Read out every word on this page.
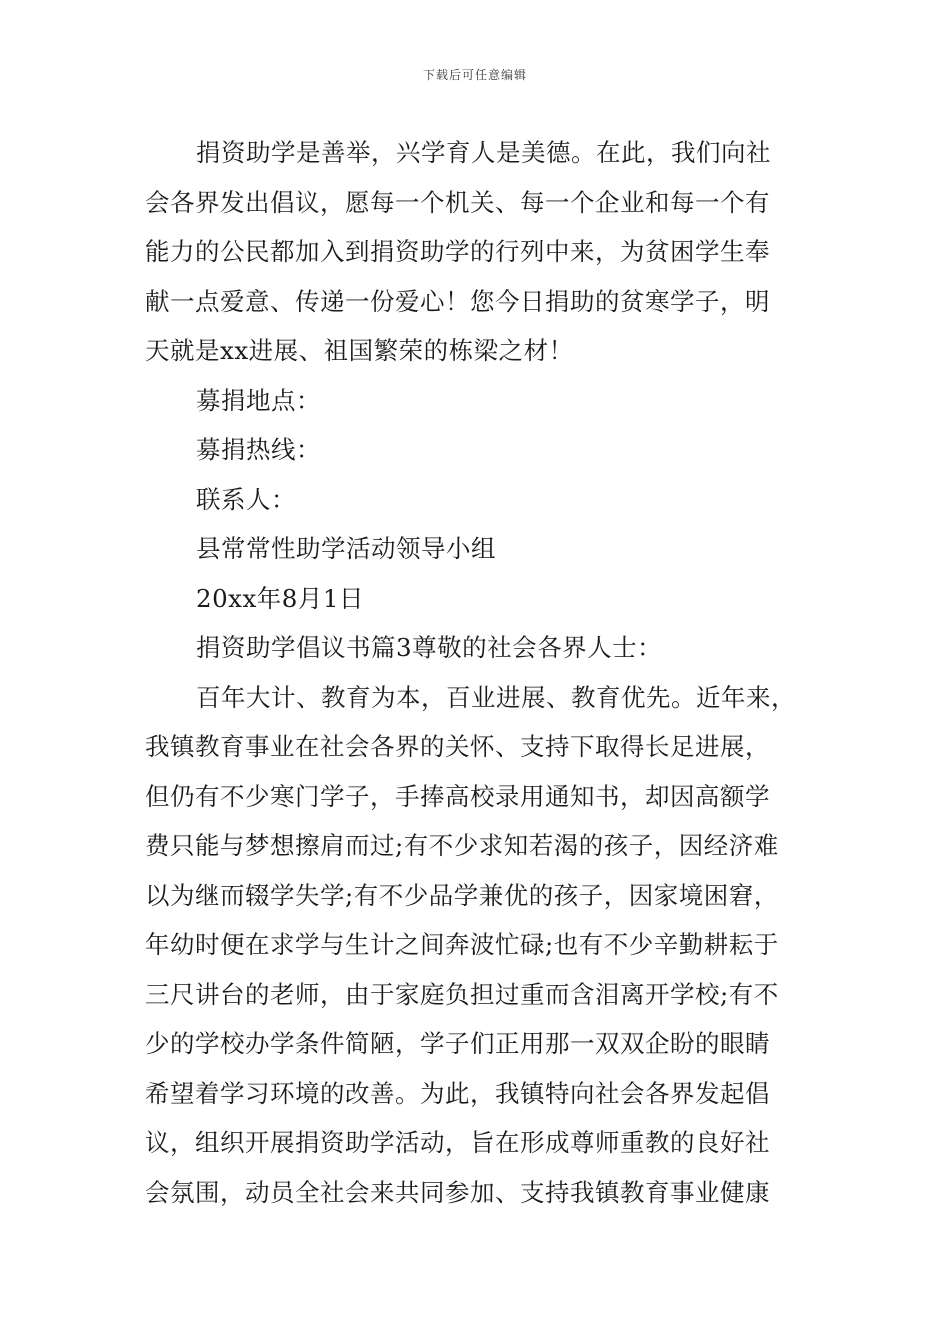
下载后可任意编辑
捐资助学是善举，兴学育人是美德。在此，我们向社
会各界发出倡议，愿每一个机关、每一个企业和每一个有
能力的公民都加入到捐资助学的行列中来，为贫困学生奉
献一点爱意、传递一份爱心！您今日捐助的贫寒学子，明
天就是xx进展、祖国繁荣的栋梁之材！
募捐地点：
募捐热线：
联系人：
县常常性助学活动领导小组
20xx年8月1日
捐资助学倡议书篇3尊敬的社会各界人士：
百年大计、教育为本，百业进展、教育优先。近年来，
我镇教育事业在社会各界的关怀、支持下取得长足进展，
但仍有不少寒门学子，手捧高校录用通知书，却因高额学
费只能与梦想擦肩而过;有不少求知若渴的孩子，因经济难
以为继而辍学失学;有不少品学兼优的孩子，因家境困窘，
年幼时便在求学与生计之间奔波忙碌;也有不少辛勤耕耘于
三尺讲台的老师，由于家庭负担过重而含泪离开学校;有不
少的学校办学条件简陋，学子们正用那一双双企盼的眼睛
希望着学习环境的改善。为此，我镇特向社会各界发起倡
议，组织开展捐资助学活动，旨在形成尊师重教的良好社
会氛围，动员全社会来共同参加、支持我镇教育事业健康
